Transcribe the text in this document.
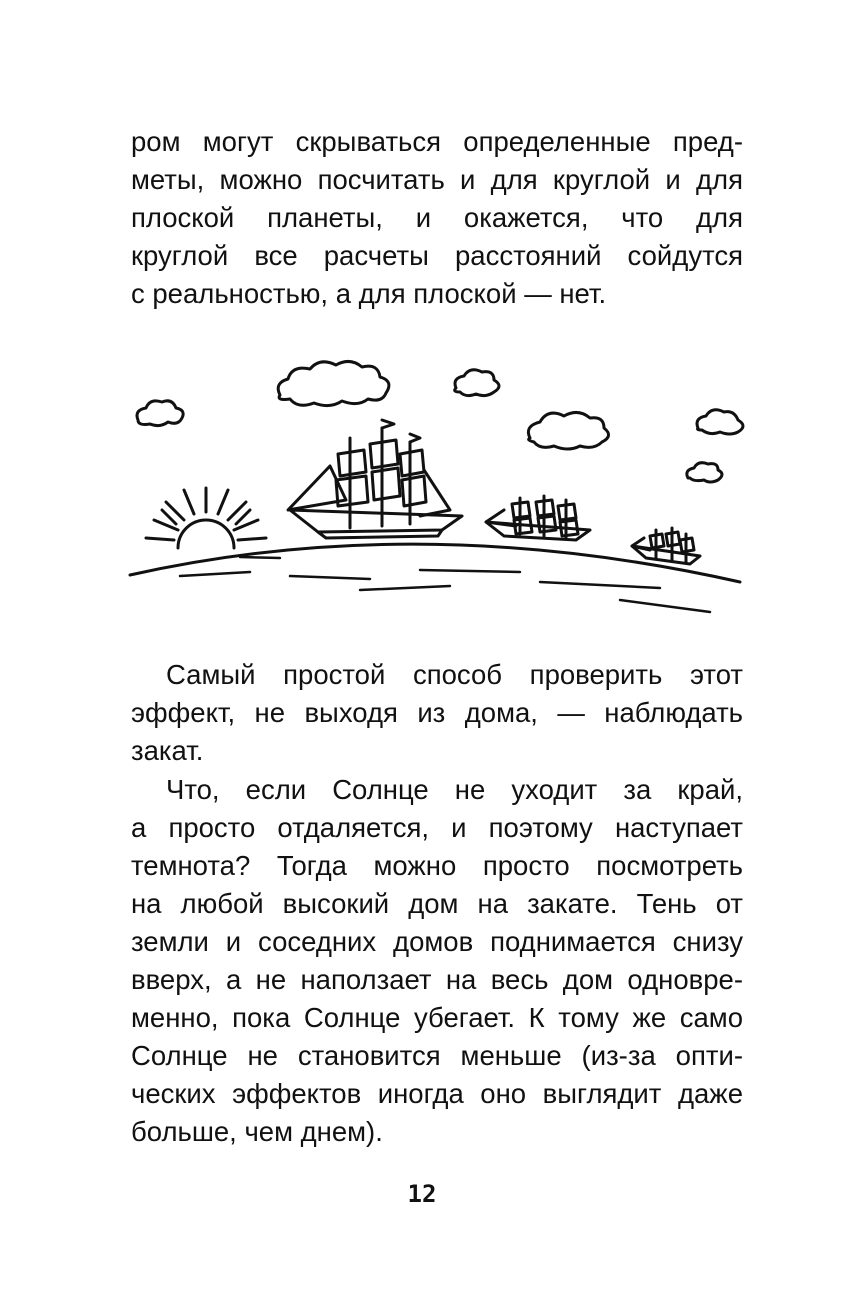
ром могут скрываться определенные пред-
меты, можно посчитать и для круглой и для
плоской планеты, и окажется, что для
круглой все расчеты расстояний сойдутся
с реальностью, а для плоской — нет.
Самый простой способ проверить этот
эффект, не выходя из дома, — наблюдать
закат.
Что, если Солнце не уходит за край,
а просто отдаляется, и поэтому наступает
темнота? Тогда можно просто посмотреть
на любой высокий дом на закате. Тень от
земли и соседних домов поднимается снизу
вверх, а не наползает на весь дом одновре-
менно, пока Солнце убегает. К тому же само
Солнце не становится меньше (из-за опти-
ческих эффектов иногда оно выглядит даже
больше, чем днем).
12
